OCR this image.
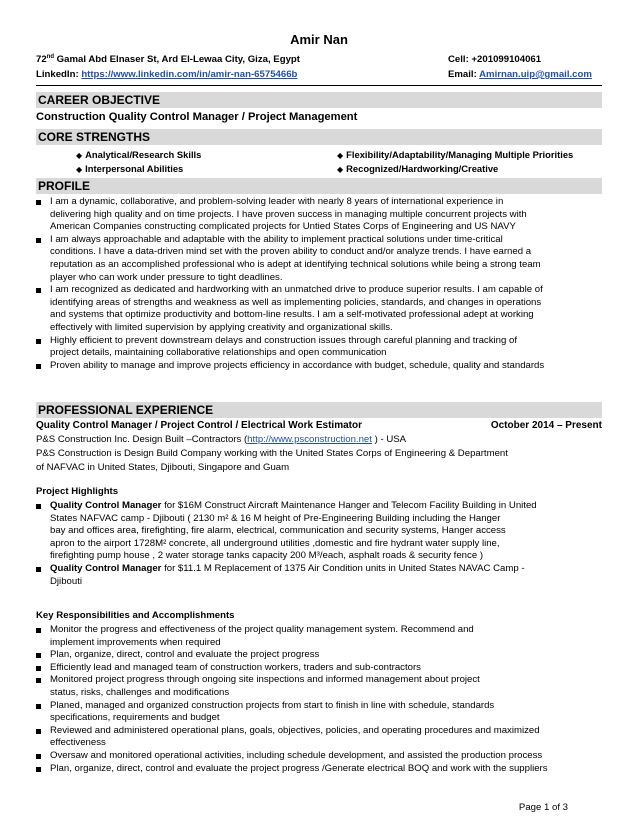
Amir Nan
72nd Gamal Abd Elnaser St, Ard El-Lewaa City, Giza, Egypt	Cell: +201099104061
LinkedIn: https://www.linkedin.com/in/amir-nan-6575466b	Email: Amirnan.uip@gmail.com
CAREER OBJECTIVE
Construction Quality Control Manager / Project Management
CORE STRENGTHS
◆ Analytical/Research Skills	◆ Flexibility/Adaptability/Managing Multiple Priorities
◆ Interpersonal Abilities	◆ Recognized/Hardworking/Creative
PROFILE
I am a dynamic, collaborative, and problem-solving leader with nearly 8 years of international experience in
delivering high quality and on time projects. I have proven success in managing multiple concurrent projects with
American Companies constructing complicated projects for Untied States Corps of Engineering and US NAVY
I am always approachable and adaptable with the ability to implement practical solutions under time-critical
conditions. I have a data-driven mind set with the proven ability to conduct and/or analyze trends. I have earned a
reputation as an accomplished professional who is adept at identifying technical solutions while being a strong team
player who can work under pressure to tight deadlines.
I am recognized as dedicated and hardworking with an unmatched drive to produce superior results. I am capable of
identifying areas of strengths and weakness as well as implementing policies, standards, and changes in operations
and systems that optimize productivity and bottom-line results. I am a self-motivated professional adept at working
effectively with limited supervision by applying creativity and organizational skills.
Highly efficient to prevent downstream delays and construction issues through careful planning and tracking of
project details, maintaining collaborative relationships and open communication
Proven ability to manage and improve projects efficiency in accordance with budget, schedule, quality and standards
PROFESSIONAL EXPERIENCE
Quality Control Manager / Project Control / Electrical Work Estimator	October 2014 – Present
P&S Construction Inc. Design Built –Contractors (http://www.psconstruction.net ) - USA
P&S Construction is Design Build Company working with the United States Corps of Engineering & Department
of NAFVAC in United States, Djibouti, Singapore and Guam
Project Highlights
Quality Control Manager for $16M Construct Aircraft Maintenance Hanger and Telecom Facility Building in United
States NAFVAC camp - Djibouti ( 2130 m² & 16 M height of Pre-Engineering Building including the Hanger
bay and offices area, firefighting, fire alarm, electrical, communication and security systems, Hanger access
apron to the airport 1728M² concrete, all underground utilities ,domestic and fire hydrant water supply line,
firefighting pump house , 2 water storage tanks capacity 200 M³/each, asphalt roads & security fence )
Quality Control Manager for $11.1 M Replacement of 1375 Air Condition units in United States NAVAC Camp -
Djibouti
Key Responsibilities and Accomplishments
Monitor the progress and effectiveness of the project quality management system. Recommend and
implement improvements when required
Plan, organize, direct, control and evaluate the project progress
Efficiently lead and managed team of construction workers, traders and sub-contractors
Monitored project progress through ongoing site inspections and informed management about project
status, risks, challenges and modifications
Planed, managed and organized construction projects from start to finish in line with schedule, standards
specifications, requirements and budget
Reviewed and administered operational plans, goals, objectives, policies, and operating procedures and maximized
effectiveness
Oversaw and monitored operational activities, including schedule development, and assisted the production process
Plan, organize, direct, control and evaluate the project progress /Generate electrical BOQ and work with the suppliers
Page 1 of 3
